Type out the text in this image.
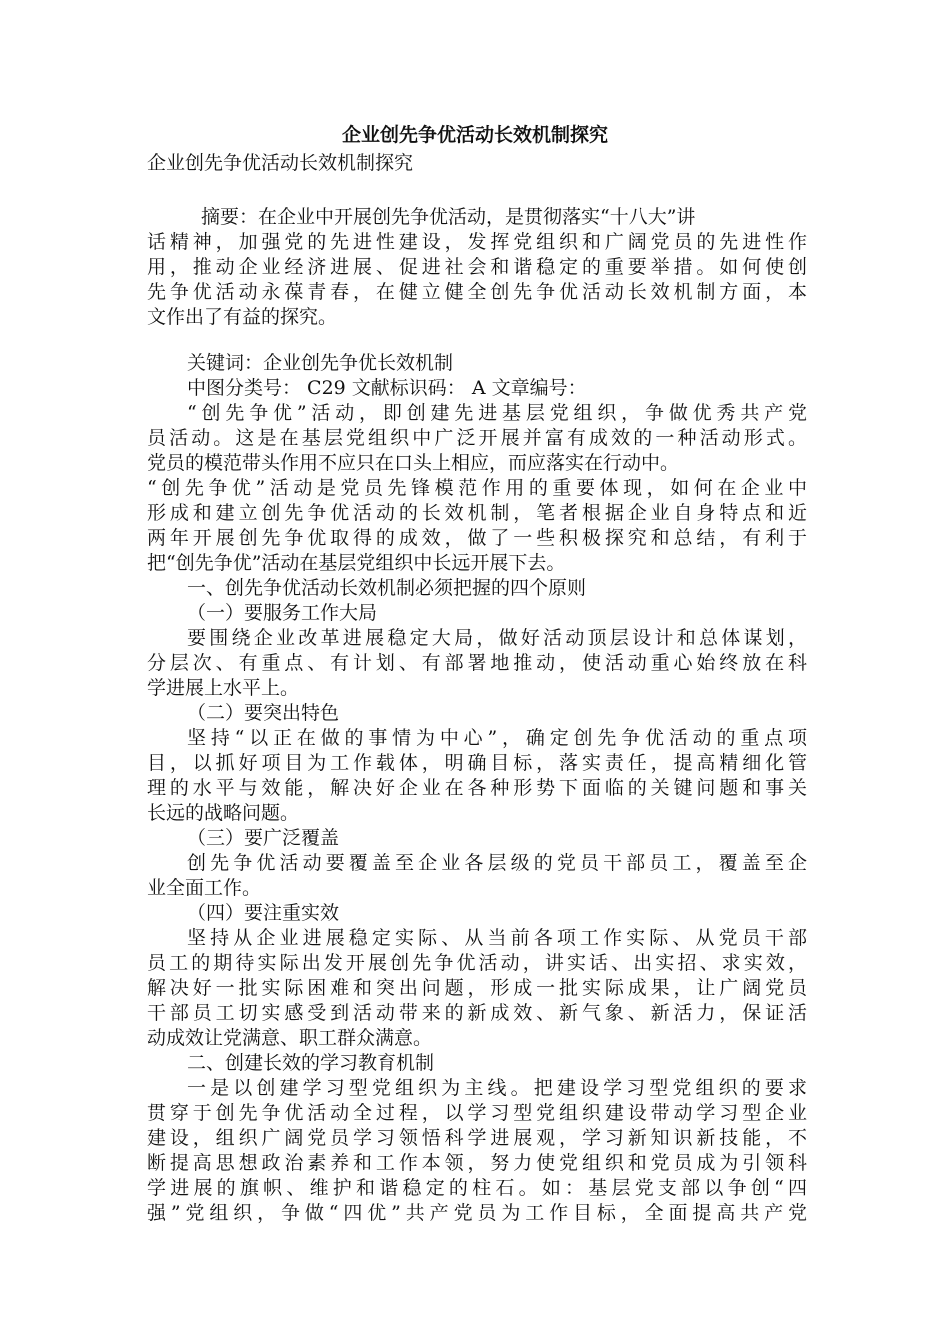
企业创先争优活动长效机制探究
企业创先争优活动长效机制探究
摘要：在企业中开展创先争优活动，是贯彻落实“十八大”讲
话精神，加强党的先进性建设，发挥党组织和广阔党员的先进性作
用，推动企业经济进展、促进社会和谐稳定的重要举措。如何使创
先争优活动永葆青春，在健立健全创先争优活动长效机制方面，本
文作出了有益的探究。
关键词：企业创先争优长效机制
中图分类号： C29 文献标识码： A 文章编号：
“创先争优”活动，即创建先进基层党组织，争做优秀共产党
员活动。这是在基层党组织中广泛开展并富有成效的一种活动形式。
党员的模范带头作用不应只在口头上相应，而应落实在行动中。
“创先争优”活动是党员先锋模范作用的重要体现，如何在企业中
形成和建立创先争优活动的长效机制，笔者根据企业自身特点和近
两年开展创先争优取得的成效，做了一些积极探究和总结，有利于
把“创先争优”活动在基层党组织中长远开展下去。
一、创先争优活动长效机制必须把握的四个原则
（一）要服务工作大局
要围绕企业改革进展稳定大局，做好活动顶层设计和总体谋划，
分层次、有重点、有计划、有部署地推动，使活动重心始终放在科
学进展上水平上。
（二）要突出特色
坚持“以正在做的事情为中心”，确定创先争优活动的重点项
目，以抓好项目为工作载体，明确目标，落实责任，提高精细化管
理的水平与效能，解决好企业在各种形势下面临的关键问题和事关
长远的战略问题。
（三）要广泛覆盖
创先争优活动要覆盖至企业各层级的党员干部员工，覆盖至企
业全面工作。
（四）要注重实效
坚持从企业进展稳定实际、从当前各项工作实际、从党员干部
员工的期待实际出发开展创先争优活动，讲实话、出实招、求实效，
解决好一批实际困难和突出问题，形成一批实际成果，让广阔党员
干部员工切实感受到活动带来的新成效、新气象、新活力，保证活
动成效让党满意、职工群众满意。
二、创建长效的学习教育机制
一是以创建学习型党组织为主线。把建设学习型党组织的要求
贯穿于创先争优活动全过程，以学习型党组织建设带动学习型企业
建设，组织广阔党员学习领悟科学进展观，学习新知识新技能，不
断提高思想政治素养和工作本领，努力使党组织和党员成为引领科
学进展的旗帜、维护和谐稳定的柱石。如：基层党支部以争创“四
强”党组织，争做“四优”共产党员为工作目标，全面提高共产党
